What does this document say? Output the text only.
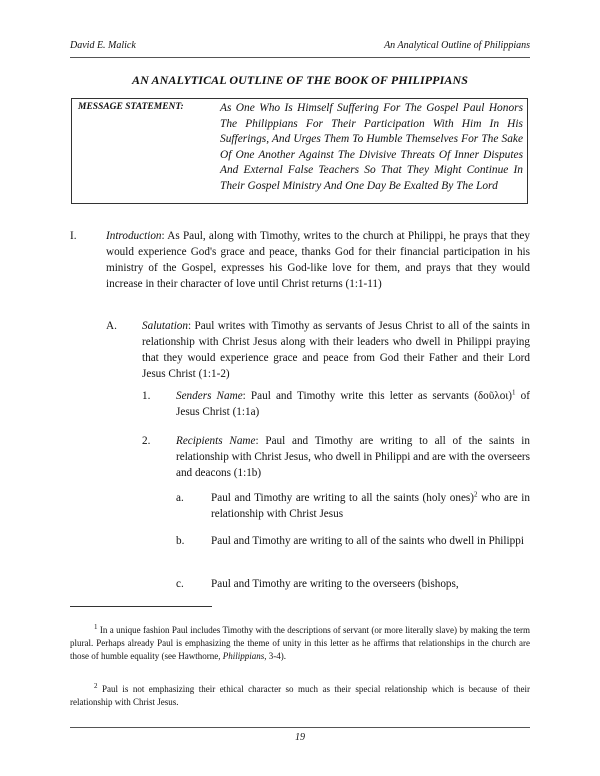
David E. Malick	An Analytical Outline of Philippians
AN ANALYTICAL OUTLINE OF THE BOOK OF PHILIPPIANS
MESSAGE STATEMENT:	As One Who Is Himself Suffering For The Gospel Paul Honors The Philippians For Their Participation With Him In His Sufferings, And Urges Them To Humble Themselves For The Sake Of One Another Against The Divisive Threats Of Inner Disputes And External False Teachers So That They Might Continue In Their Gospel Ministry And One Day Be Exalted By The Lord
I.	Introduction: As Paul, along with Timothy, writes to the church at Philippi, he prays that they would experience God's grace and peace, thanks God for their financial participation in his ministry of the Gospel, expresses his God-like love for them, and prays that they would increase in their character of love until Christ returns (1:1-11)
A. Salutation: Paul writes with Timothy as servants of Jesus Christ to all of the saints in relationship with Christ Jesus along with their leaders who dwell in Philippi praying that they would experience grace and peace from God their Father and their Lord Jesus Christ (1:1-2)
1. Senders Name: Paul and Timothy write this letter as servants (δοῦλοι)$^1$ of Jesus Christ (1:1a)
2. Recipients Name: Paul and Timothy are writing to all of the saints in relationship with Christ Jesus, who dwell in Philippi and are with the overseers and deacons (1:1b)
a. Paul and Timothy are writing to all the saints (holy ones)$^2$ who are in relationship with Christ Jesus
b. Paul and Timothy are writing to all of the saints who dwell in Philippi
c. Paul and Timothy are writing to the overseers (bishops,
$^1$ In a unique fashion Paul includes Timothy with the descriptions of servant (or more literally slave) by making the term plural. Perhaps already Paul is emphasizing the theme of unity in this letter as he affirms that relationships in the church are those of humble equality (see Hawthorne, Philippians, 3-4).
$^2$ Paul is not emphasizing their ethical character so much as their special relationship which is because of their relationship with Christ Jesus.
19
